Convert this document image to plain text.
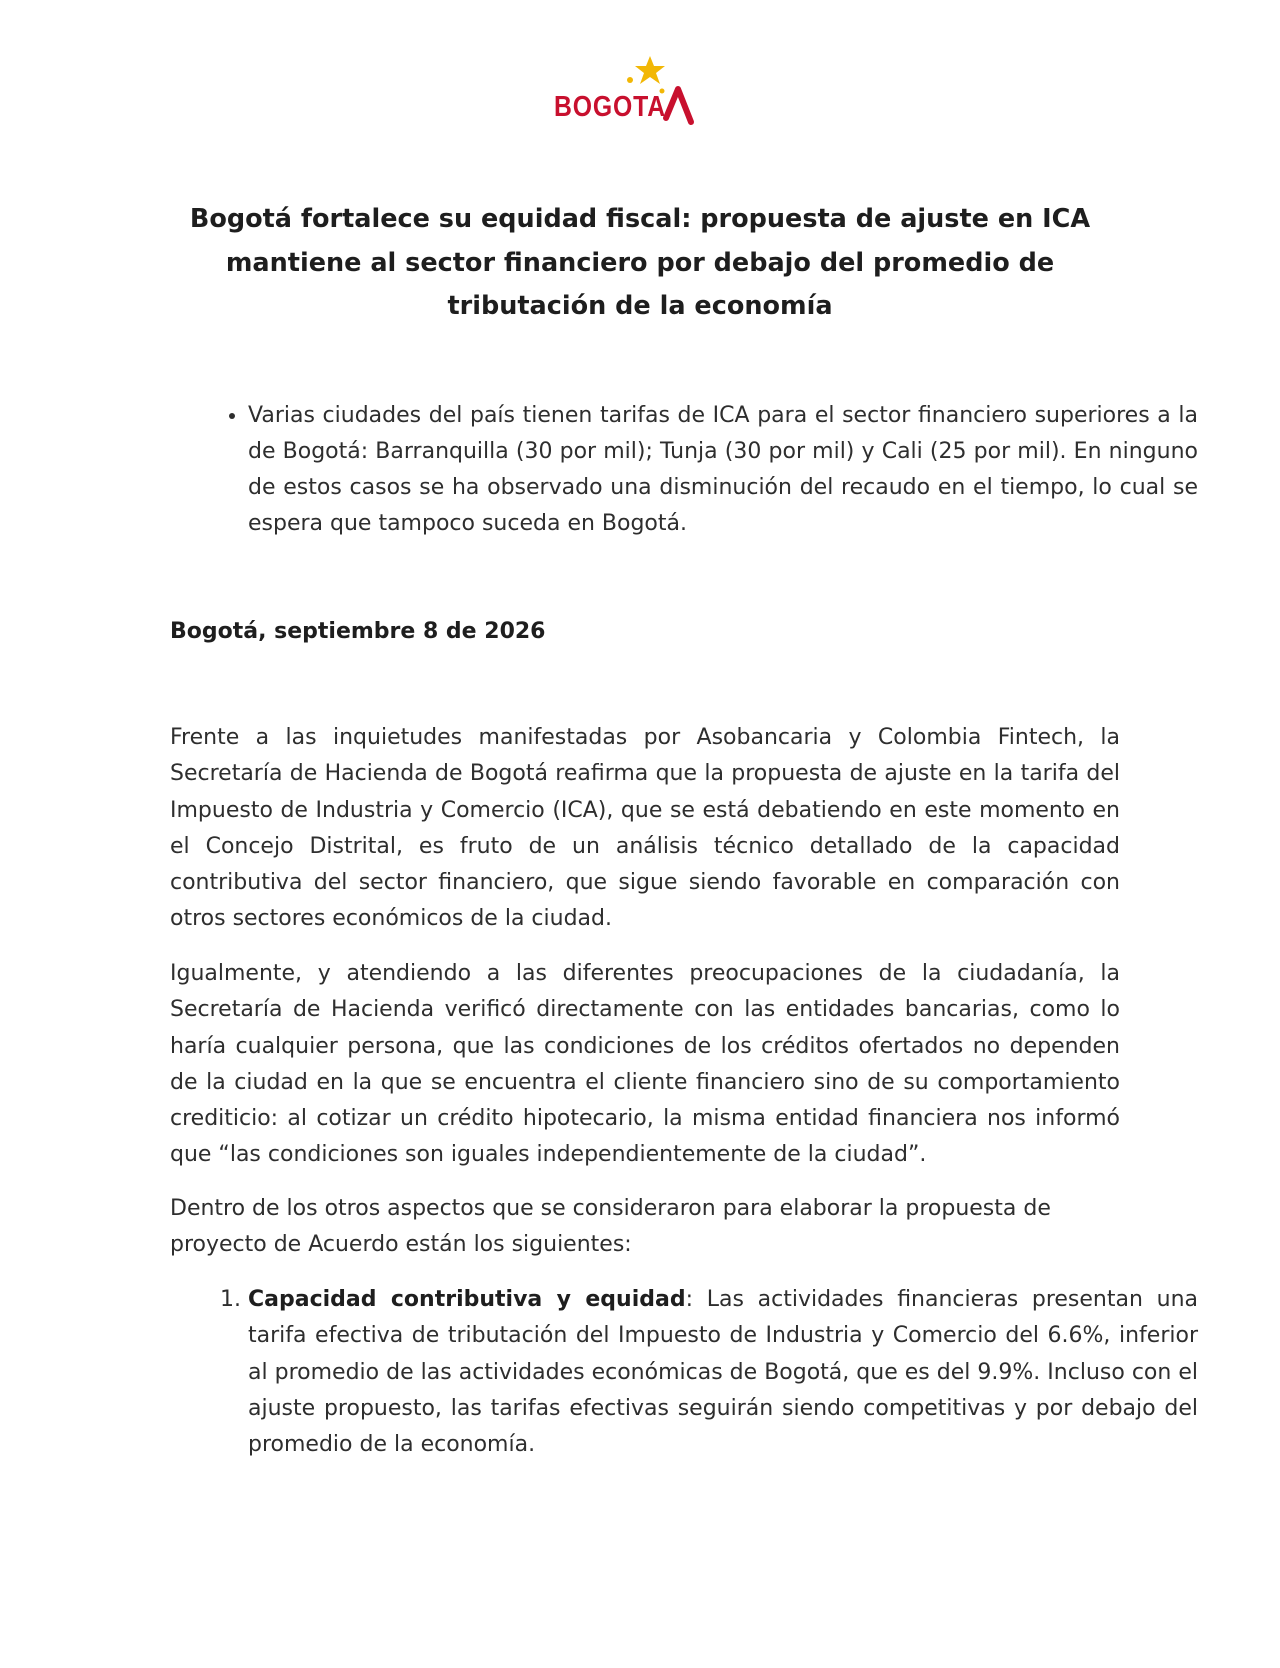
BOGOTA
Bogotá fortalece su equidad fiscal: propuesta de ajuste en ICA mantiene al sector financiero por debajo del promedio de tributación de la economía
• Varias ciudades del país tienen tarifas de ICA para el sector financiero superiores a la de Bogotá: Barranquilla (30 por mil); Tunja (30 por mil) y Cali (25 por mil). En ninguno de estos casos se ha observado una disminución del recaudo en el tiempo, lo cual se espera que tampoco suceda en Bogotá.

Bogotá, septiembre 8 de 2026

Frente a las inquietudes manifestadas por Asobancaria y Colombia Fintech, la Secretaría de Hacienda de Bogotá reafirma que la propuesta de ajuste en la tarifa del Impuesto de Industria y Comercio (ICA), que se está debatiendo en este momento en el Concejo Distrital, es fruto de un análisis técnico detallado de la capacidad contributiva del sector financiero, que sigue siendo favorable en comparación con otros sectores económicos de la ciudad.

Igualmente, y atendiendo a las diferentes preocupaciones de la ciudadanía, la Secretaría de Hacienda verificó directamente con las entidades bancarias, como lo haría cualquier persona, que las condiciones de los créditos ofertados no dependen de la ciudad en la que se encuentra el cliente financiero sino de su comportamiento crediticio: al cotizar un crédito hipotecario, la misma entidad financiera nos informó que “las condiciones son iguales independientemente de la ciudad”.

Dentro de los otros aspectos que se consideraron para elaborar la propuesta de proyecto de Acuerdo están los siguientes:

1. Capacidad contributiva y equidad: Las actividades financieras presentan una tarifa efectiva de tributación del Impuesto de Industria y Comercio del 6.6%, inferior al promedio de las actividades económicas de Bogotá, que es del 9.9%. Incluso con el ajuste propuesto, las tarifas efectivas seguirán siendo competitivas y por debajo del promedio de la economía.
